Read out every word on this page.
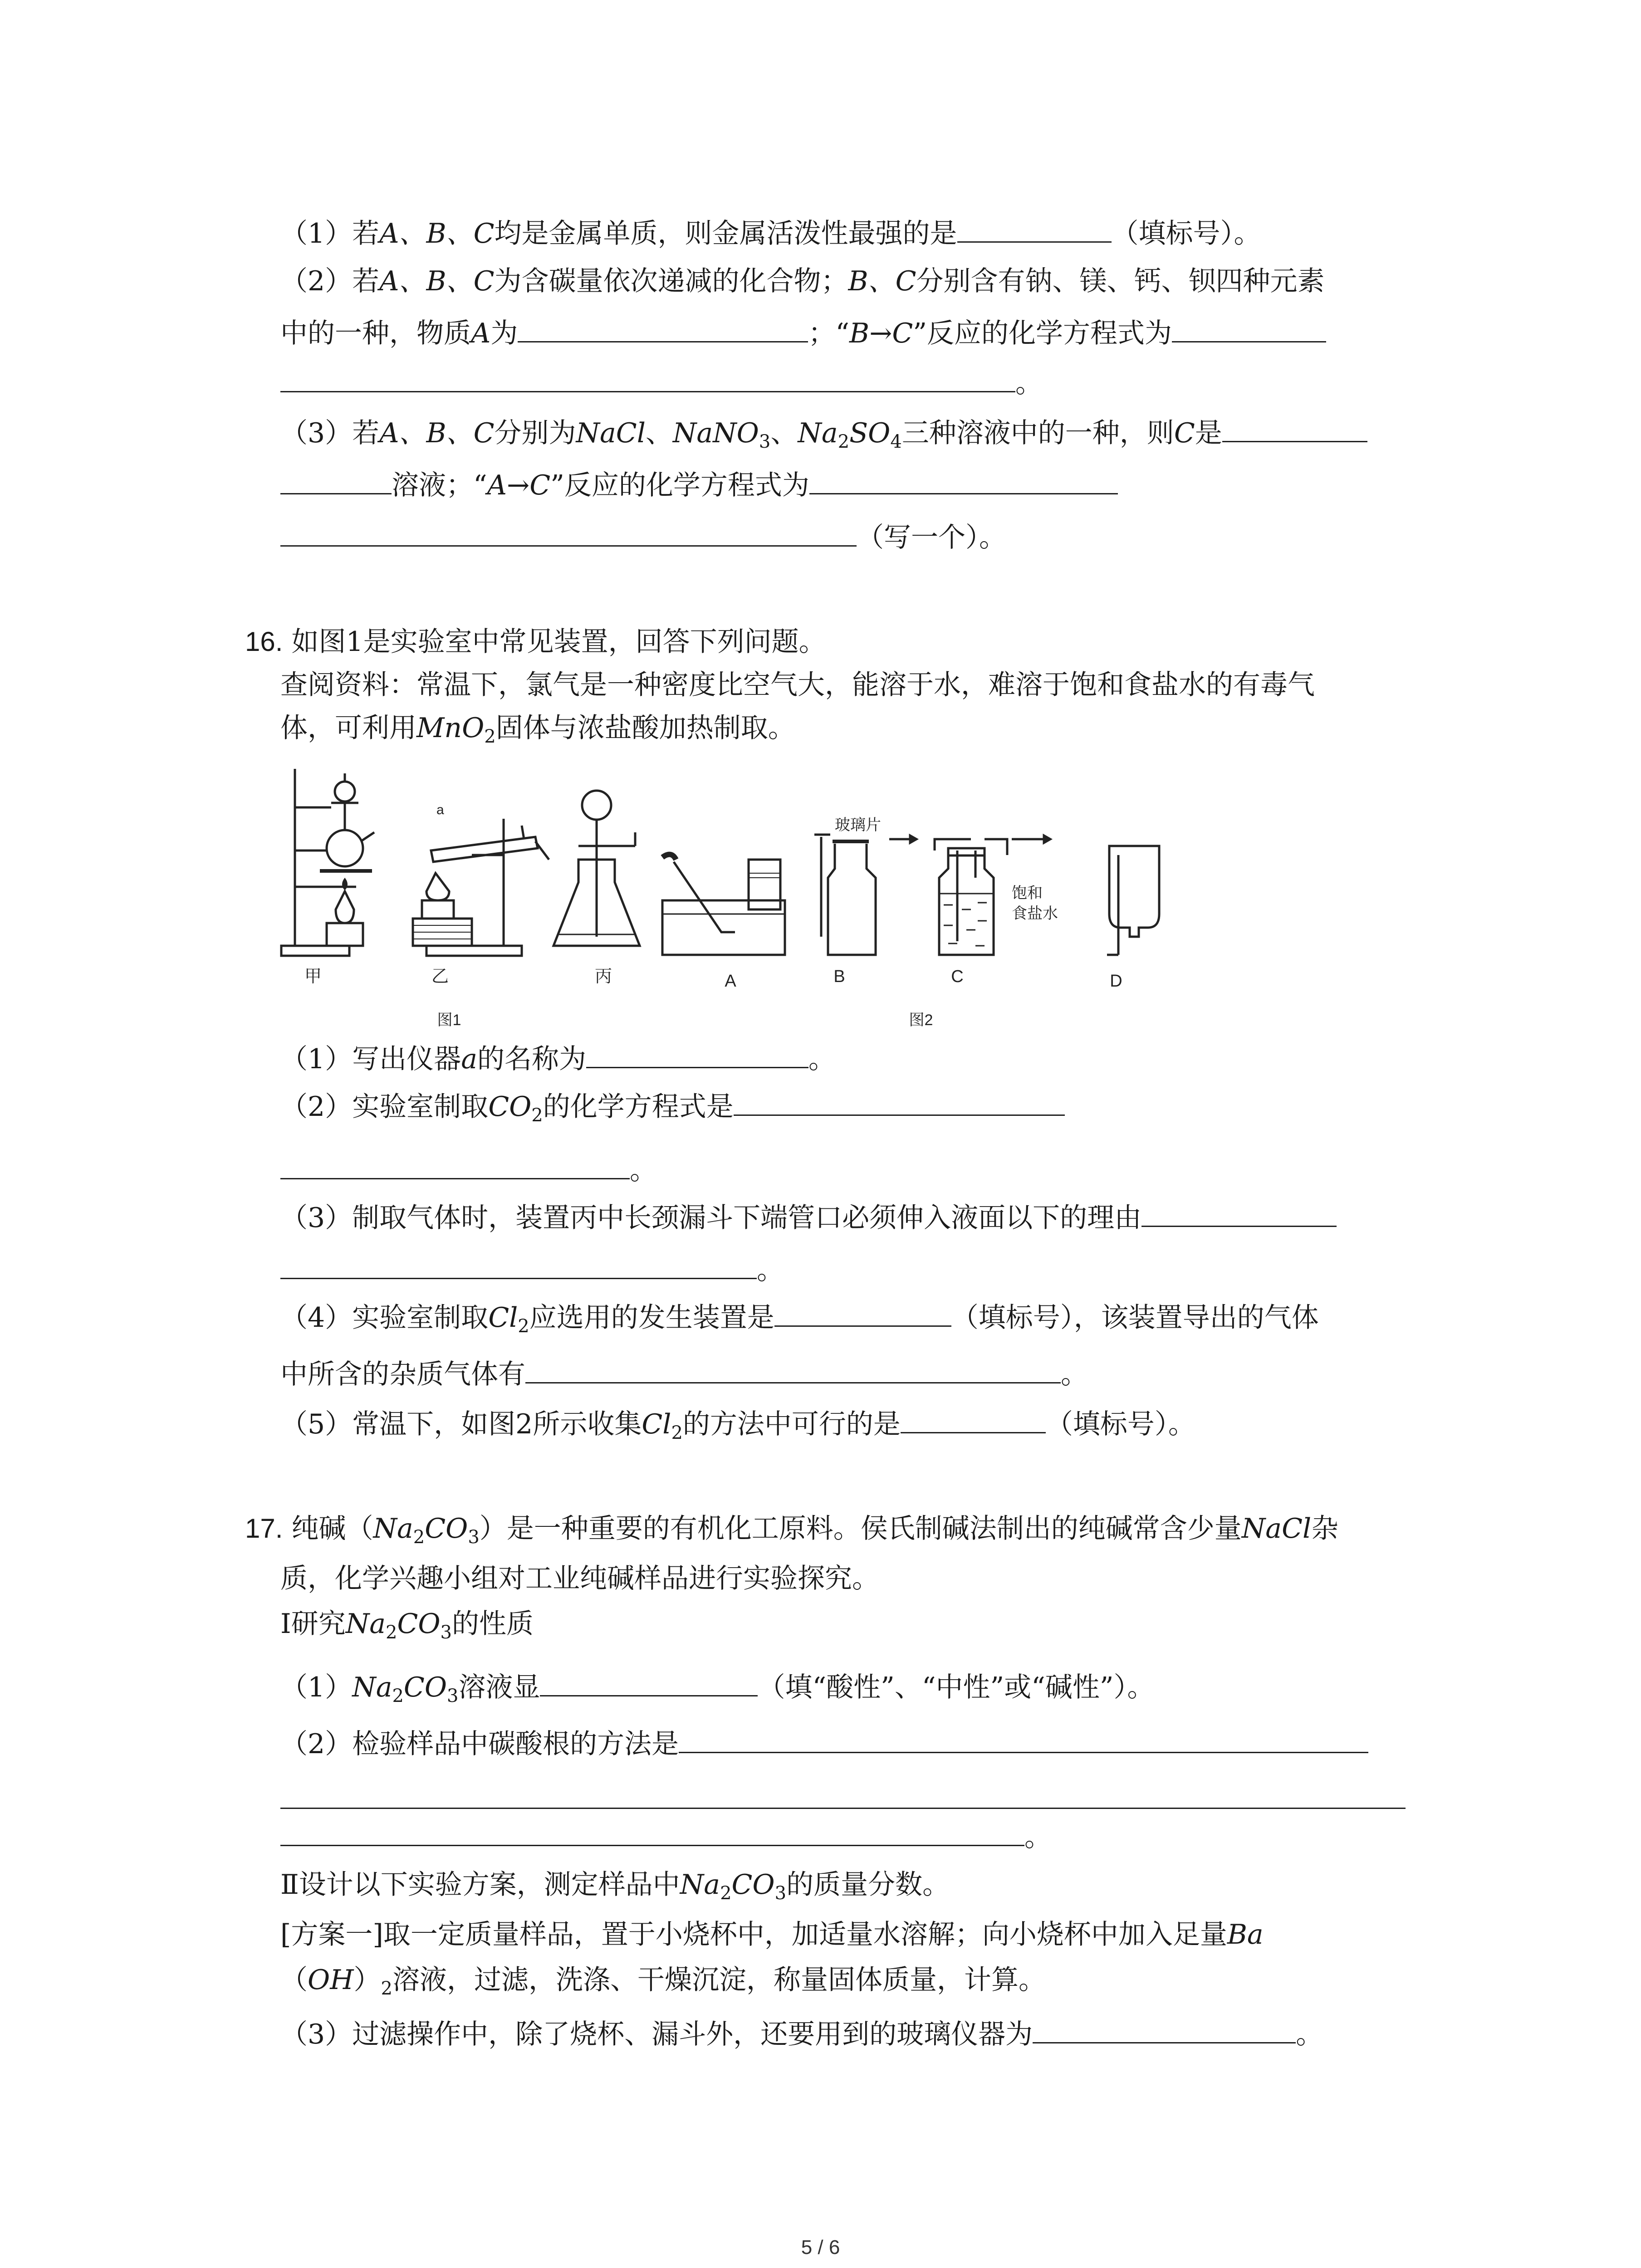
（1）若A、B、C均是金属单质，则金属活泼性最强的是	（填标号）。
（2）若A、B、C为含碳量依次递减的化合物；B、C分别含有钠、镁、钙、钡四种元素
中的一种，物质A为	；“B→C”反应的化学方程式为
。
（3）若A、B、C分别为NaCl、NaNO$_3$、$Na_2SO_4$三种溶液中的一种，则C是
溶液；“A→C”反应的化学方程式为
（写一个）。
16. 如图1是实验室中常见装置，回答下列问题。
查阅资料：常温下，氯气是一种密度比空气大，能溶于水，难溶于饱和食盐水的有毒气
体，可利用MnO$_2$固体与浓盐酸加热制取。
a
甲	乙	丙	A	B	C	D
玻璃片
饱和
食盐水
图1	图2
（1）写出仪器a的名称为	。
（2）实验室制取$CO_2$的化学方程式是
。
（3）制取气体时，装置丙中长颈漏斗下端管口必须伸入液面以下的理由
。
（4）实验室制取$Cl_2$应选用的发生装置是	（填标号），该装置导出的气体
中所含的杂质气体有	。
（5）常温下，如图2所示收集$Cl_2$的方法中可行的是	（填标号）。
17. 纯碱$(Na_2CO_3)$是一种重要的有机化工原料。侯氏制碱法制出的纯碱常含少量NaCl杂
质，化学兴趣小组对工业纯碱样品进行实验探究。
Ⅰ研究$Na_2CO_3$的性质
$(1)Na_2CO_3$溶液显	（填“酸性”、“中性”或“碱性”）。
（2）检验样品中碳酸根的方法是
。
Ⅱ设计以下实验方案，测定样品中$Na_2CO_3$的质量分数。
[方案一]取一定质量样品，置于小烧杯中，加适量水溶解；向小烧杯中加入足量Ba
$(OH)_2$溶液，过滤，洗涤、干燥沉淀，称量固体质量，计算。
（3）过滤操作中，除了烧杯、漏斗外，还要用到的玻璃仪器为	。
5 / 6
